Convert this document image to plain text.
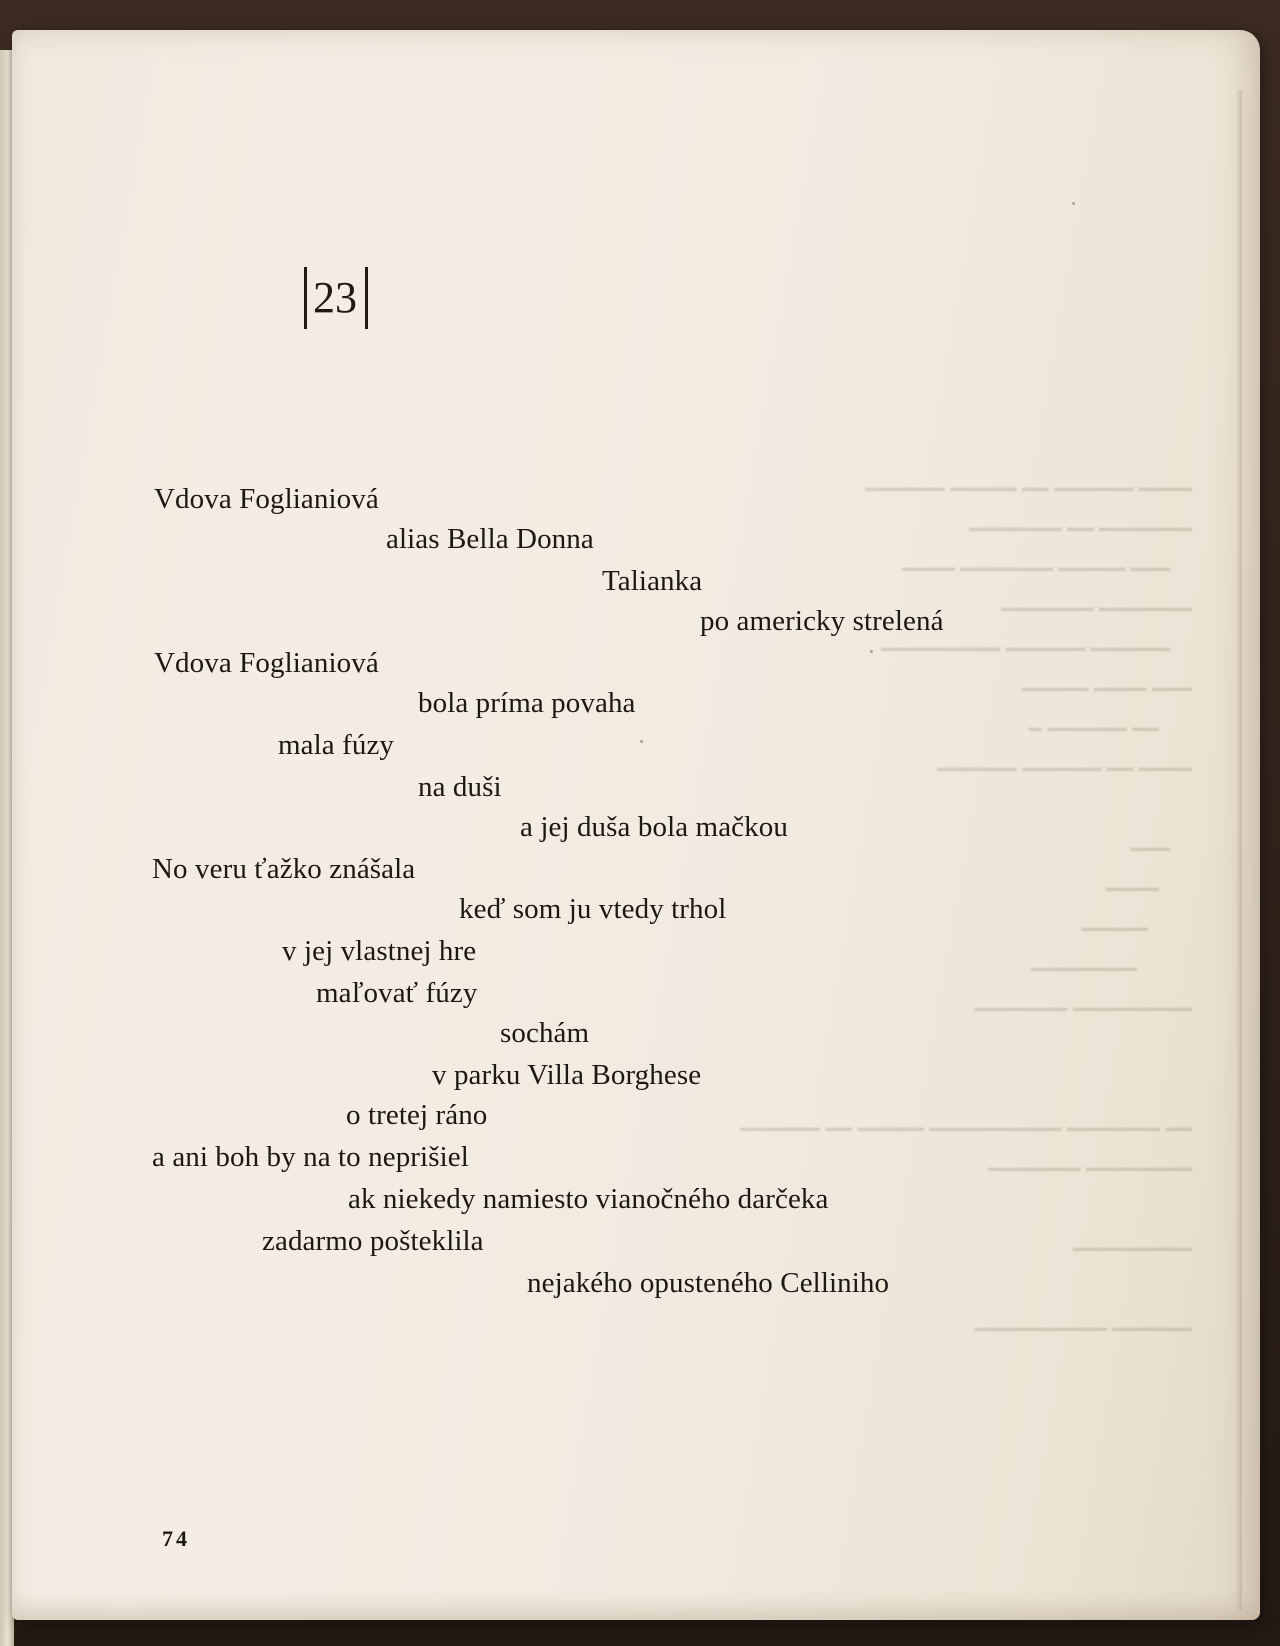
━━━━ ━━━━━━ ━━ ━━━━━ ━━━━━━
━━━━━━━ ━━ ━━━━━━━
━━━ ━━━━━ ━━━━━━━ ━━━━
━━━━━━━ ━━━━━━━
━━━━━━ ━━━━━━ ━━━━━━━━━
━━━ ━━━━ ━━━━━
━━ ━━━━━━ ━
━━━━ ━━ ━━━━━━ ━━━━━━

━━━
━━━━
━━━━━
━━━━━━━━
━━━━━━━━━ ━━━━━━━

━━ ━━━━━━━ ━━━━━━━━━━ ━━━━━ ━━ ━━━━━━
━━━━━━━━ ━━━━━━━

━━━━━━━━━

━━━━━━ ━━━━━━━━━━
23
Vdova Foglianiová
alias Bella Donna
Talianka
po americky strelená
Vdova Foglianiová
bola príma povaha
mala fúzy
na duši
a jej duša bola mačkou
No veru ťažko znášala
keď som ju vtedy trhol
v jej vlastnej hre
maľovať fúzy
sochám
v parku Villa Borghese
o tretej ráno
a ani boh by na to neprišiel
ak niekedy namiesto vianočného darčeka
zadarmo pošteklila
nejakého opusteného Celliniho
74
